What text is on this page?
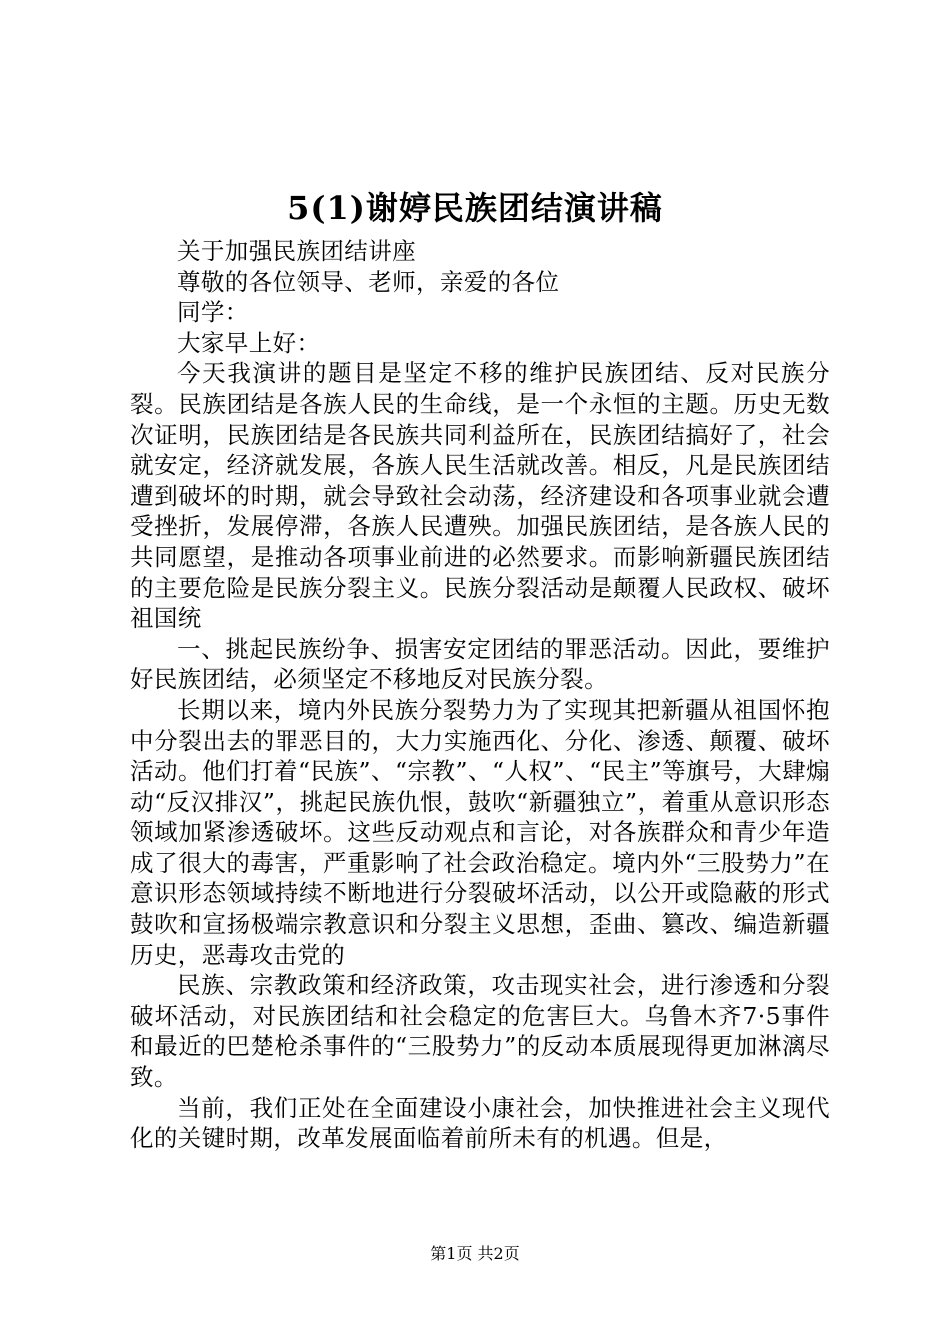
5(1)谢婷民族团结演讲稿

关于加强民族团结讲座

尊敬的各位领导、老师，亲爱的各位

同学：

大家早上好：

今天我演讲的题目是坚定不移的维护民族团结、反对民族分裂。民族团结是各族人民的生命线，是一个永恒的主题。历史无数次证明，民族团结是各民族共同利益所在，民族团结搞好了，社会就安定，经济就发展，各族人民生活就改善。相反，凡是民族团结遭到破坏的时期，就会导致社会动荡，经济建设和各项事业就会遭受挫折，发展停滞，各族人民遭殃。加强民族团结，是各族人民的共同愿望，是推动各项事业前进的必然要求。而影响新疆民族团结的主要危险是民族分裂主义。民族分裂活动是颠覆人民政权、破坏祖国统

一、挑起民族纷争、损害安定团结的罪恶活动。因此，要维护好民族团结，必须坚定不移地反对民族分裂。

长期以来，境内外民族分裂势力为了实现其把新疆从祖国怀抱中分裂出去的罪恶目的，大力实施西化、分化、渗透、颠覆、破坏活动。他们打着“民族”、“宗教”、“人权”、“民主”等旗号，大肆煽动“反汉排汉”，挑起民族仇恨，鼓吹“新疆独立”，着重从意识形态领域加紧渗透破坏。这些反动观点和言论，对各族群众和青少年造成了很大的毒害，严重影响了社会政治稳定。境内外“三股势力”在意识形态领域持续不断地进行分裂破坏活动，以公开或隐蔽的形式鼓吹和宣扬极端宗教意识和分裂主义思想，歪曲、篡改、编造新疆历史，恶毒攻击党的

民族、宗教政策和经济政策，攻击现实社会，进行渗透和分裂破坏活动，对民族团结和社会稳定的危害巨大。乌鲁木齐7·5事件和最近的巴楚枪杀事件的“三股势力”的反动本质展现得更加淋漓尽致。

当前，我们正处在全面建设小康社会，加快推进社会主义现代化的关键时期，改革发展面临着前所未有的机遇。但是，

第1页 共2页
